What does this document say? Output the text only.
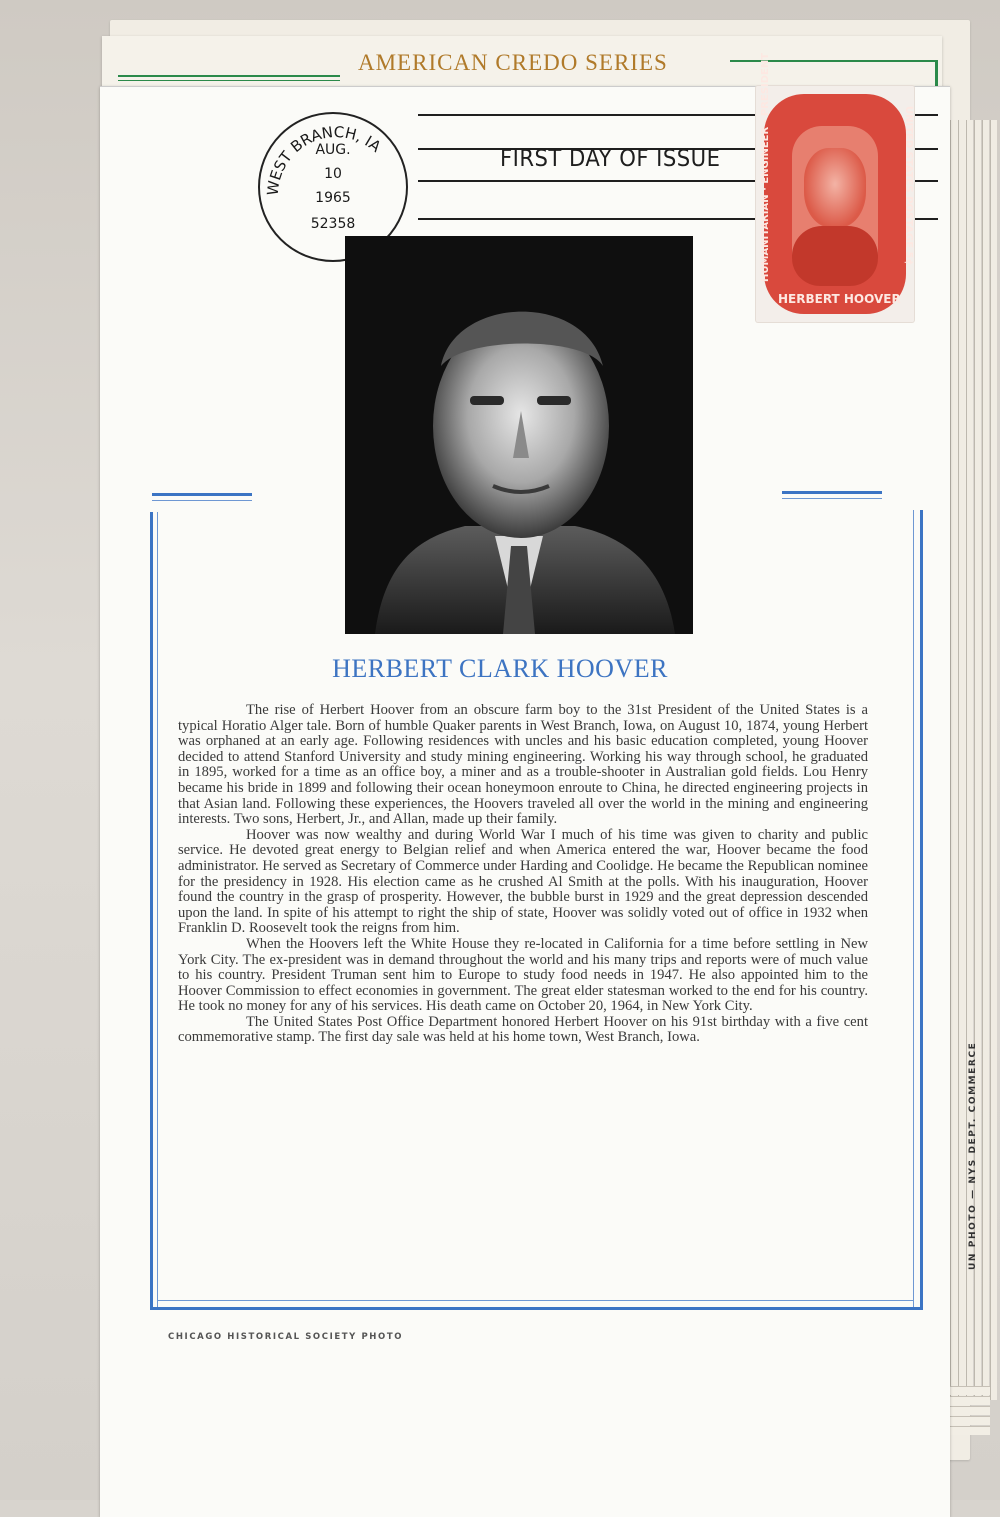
AMERICAN CREDO SERIES
WEST BRANCH, IA
AUG.
10
1965
52358
FIRST DAY OF ISSUE	HUMANITARIAN · ENGINEER · PRESIDENT	UNITED STATES POSTAGE 5¢
HERBERT HOOVER
HERBERT CLARK HOOVER

The rise of Herbert Hoover from an obscure farm boy to the 31st President of the United States is a typical Horatio Alger tale. Born of humble Quaker parents in West Branch, Iowa, on August 10, 1874, young Herbert was orphaned at an early age. Following residences with uncles and his basic education completed, young Hoover decided to attend Stanford University and study mining engineering. Working his way through school, he graduated in 1895, worked for a time as an office boy, a miner and as a trouble-shooter in Australian gold fields. Lou Henry became his bride in 1899 and following their ocean honeymoon enroute to China, he directed engineering projects in that Asian land. Following these experiences, the Hoovers traveled all over the world in the mining and engineering interests. Two sons, Herbert, Jr., and Allan, made up their family.

Hoover was now wealthy and during World War I much of his time was given to charity and public service. He devoted great energy to Belgian relief and when America entered the war, Hoover became the food administrator. He served as Secretary of Commerce under Harding and Coolidge. He became the Republican nominee for the presidency in 1928. His election came as he crushed Al Smith at the polls. With his inauguration, Hoover found the country in the grasp of prosperity. However, the bubble burst in 1929 and the great depression descended upon the land. In spite of his attempt to right the ship of state, Hoover was solidly voted out of office in 1932 when Franklin D. Roosevelt took the reigns from him.

When the Hoovers left the White House they re-located in California for a time before settling in New York City. The ex-president was in demand throughout the world and his many trips and reports were of much value to his country. President Truman sent him to Europe to study food needs in 1947. He also appointed him to the Hoover Commission to effect economies in government. The great elder statesman worked to the end for his country. He took no money for any of his services. His death came on October 20, 1964, in New York City.

The United States Post Office Department honored Herbert Hoover on his 91st birthday with a five cent commemorative stamp. The first day sale was held at his home town, West Branch, Iowa.

CHICAGO HISTORICAL SOCIETY PHOTO
UN PHOTO — NYS DEPT. COMMERCE
